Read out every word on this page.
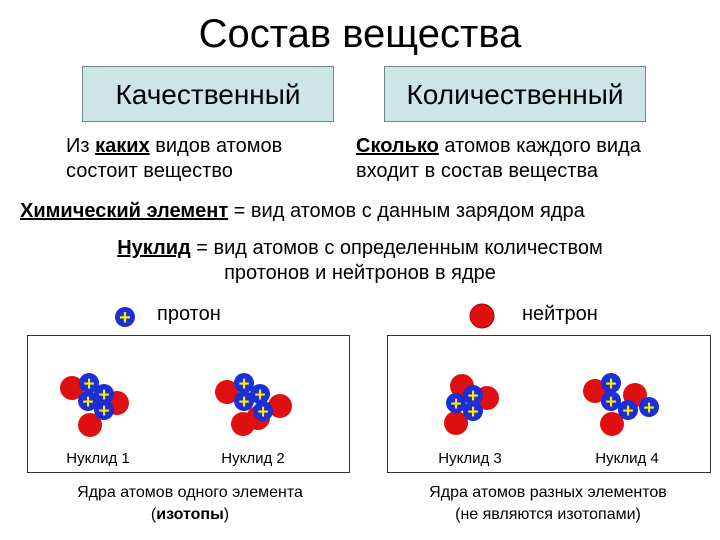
Состав вещества
Качественный	Количественный
Из каких видов атомов
состоит вещество
Сколько атомов каждого вида
входит в состав вещества
Химический элемент = вид атомов с данным зарядом ядра
Нуклид = вид атомов с определенным количеством
протонов и нейтронов в ядре
протон	нейтрон
+
+
+ +
+
+
+ +
+	+ +
+
+
+ + +
Нуклид 1	Нуклид 2	Нуклид 3	Нуклид 4
Ядра атомов одного элемента
(изотопы)
Ядра атомов разных элементов
(не являются изотопами)
